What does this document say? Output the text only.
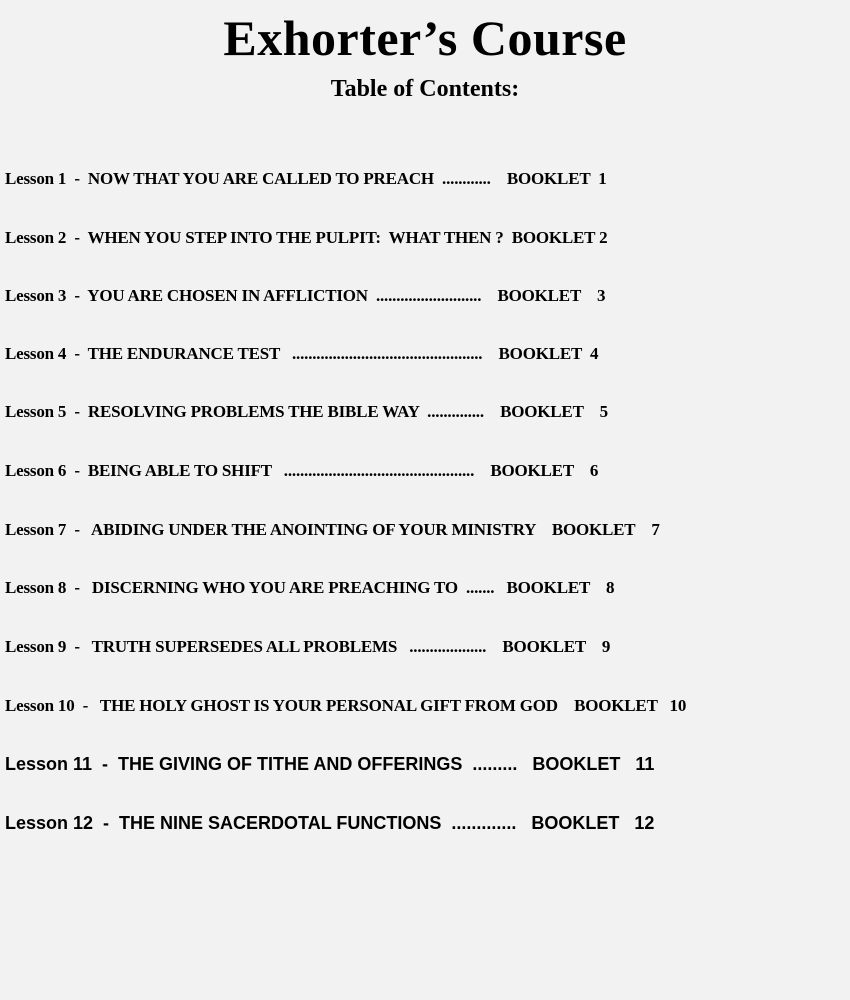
Exhorter’s Course
Table of Contents:
Lesson 1  -  NOW THAT YOU ARE CALLED TO PREACH  ............    BOOKLET  1
Lesson 2  -  WHEN YOU STEP INTO THE PULPIT:  WHAT THEN ?  BOOKLET 2
Lesson 3  -  YOU ARE CHOSEN IN AFFLICTION  ..........................    BOOKLET    3
Lesson 4  -  THE ENDURANCE TEST   ...............................................    BOOKLET  4
Lesson 5  -  RESOLVING PROBLEMS THE BIBLE WAY  ..............    BOOKLET    5
Lesson 6  -  BEING ABLE TO SHIFT   ...............................................    BOOKLET    6
Lesson 7  -   ABIDING UNDER THE ANOINTING OF YOUR MINISTRY    BOOKLET    7
Lesson 8  -   DISCERNING WHO YOU ARE PREACHING TO  .......   BOOKLET    8
Lesson 9  -   TRUTH SUPERSEDES ALL PROBLEMS   ...................    BOOKLET    9
Lesson 10  -   THE HOLY GHOST IS YOUR PERSONAL GIFT FROM GOD    BOOKLET   10
Lesson 11  -  THE GIVING OF TITHE AND OFFERINGS  .........   BOOKLET   11
Lesson 12  -  THE NINE SACERDOTAL FUNCTIONS  .............   BOOKLET   12
